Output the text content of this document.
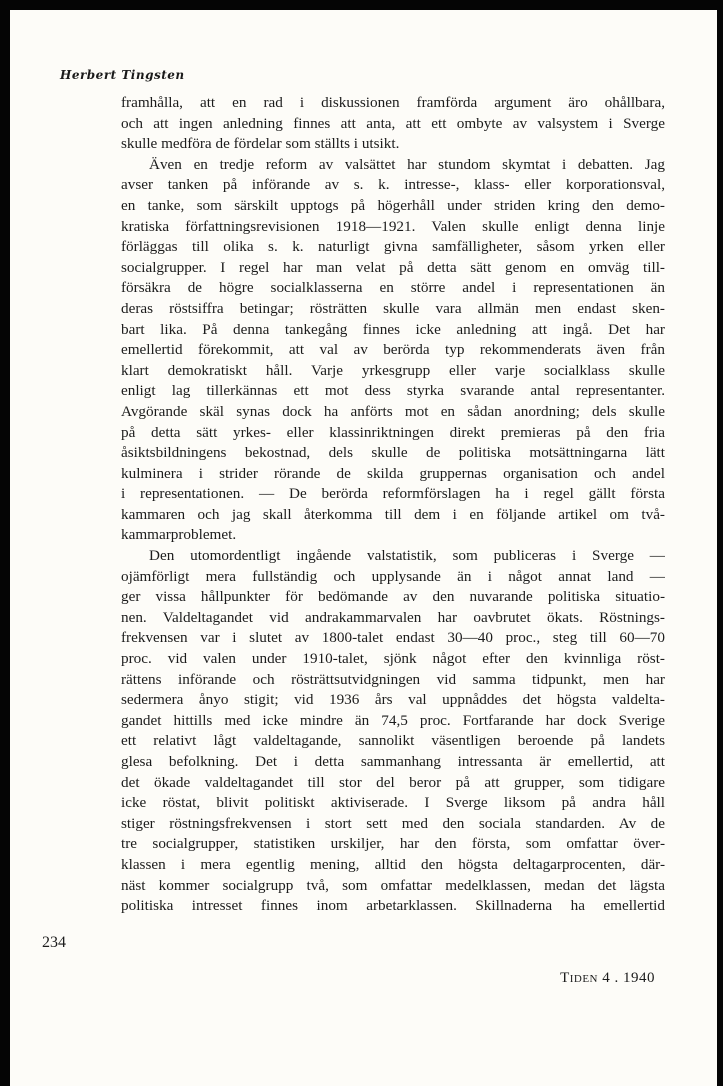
Herbert Tingsten
framhålla, att en rad i diskussionen framförda argument äro ohållbara,
och att ingen anledning finnes att anta, att ett ombyte av valsystem i Sverge
skulle medföra de fördelar som ställts i utsikt.
Även en tredje reform av valsättet har stundom skymtat i debatten. Jag
avser tanken på införande av s. k. intresse-, klass- eller korporationsval,
en tanke, som särskilt upptogs på högerhåll under striden kring den demo-
kratiska författningsrevisionen 1918—1921. Valen skulle enligt denna linje
förläggas till olika s. k. naturligt givna samfälligheter, såsom yrken eller
socialgrupper. I regel har man velat på detta sätt genom en omväg till-
försäkra de högre socialklasserna en större andel i representationen än
deras röstsiffra betingar; rösträtten skulle vara allmän men endast sken-
bart lika. På denna tankegång finnes icke anledning att ingå. Det har
emellertid förekommit, att val av berörda typ rekommenderats även från
klart demokratiskt håll. Varje yrkesgrupp eller varje socialklass skulle
enligt lag tillerkännas ett mot dess styrka svarande antal representanter.
Avgörande skäl synas dock ha anförts mot en sådan anordning; dels skulle
på detta sätt yrkes- eller klassinriktningen direkt premieras på den fria
åsiktsbildningens bekostnad, dels skulle de politiska motsättningarna lätt
kulminera i strider rörande de skilda gruppernas organisation och andel
i representationen. — De berörda reformförslagen ha i regel gällt första
kammaren och jag skall återkomma till dem i en följande artikel om två-
kammarproblemet.
Den utomordentligt ingående valstatistik, som publiceras i Sverge —
ojämförligt mera fullständig och upplysande än i något annat land —
ger vissa hållpunkter för bedömande av den nuvarande politiska situatio-
nen. Valdeltagandet vid andrakammarvalen har oavbrutet ökats. Röstnings-
frekvensen var i slutet av 1800-talet endast 30—40 proc., steg till 60—70
proc. vid valen under 1910-talet, sjönk något efter den kvinnliga röst-
rättens införande och rösträttsutvidgningen vid samma tidpunkt, men har
sedermera ånyo stigit; vid 1936 års val uppnåddes det högsta valdelta-
gandet hittills med icke mindre än 74,5 proc. Fortfarande har dock Sverige
ett relativt lågt valdeltagande, sannolikt väsentligen beroende på landets
glesa befolkning. Det i detta sammanhang intressanta är emellertid, att
det ökade valdeltagandet till stor del beror på att grupper, som tidigare
icke röstat, blivit politiskt aktiviserade. I Sverge liksom på andra håll
stiger röstningsfrekvensen i stort sett med den sociala standarden. Av de
tre socialgrupper, statistiken urskiljer, har den första, som omfattar över-
klassen i mera egentlig mening, alltid den högsta deltagarprocenten, där-
näst kommer socialgrupp två, som omfattar medelklassen, medan det lägsta
politiska intresset finnes inom arbetarklassen. Skillnaderna ha emellertid
234
Tiden 4 . 1940
